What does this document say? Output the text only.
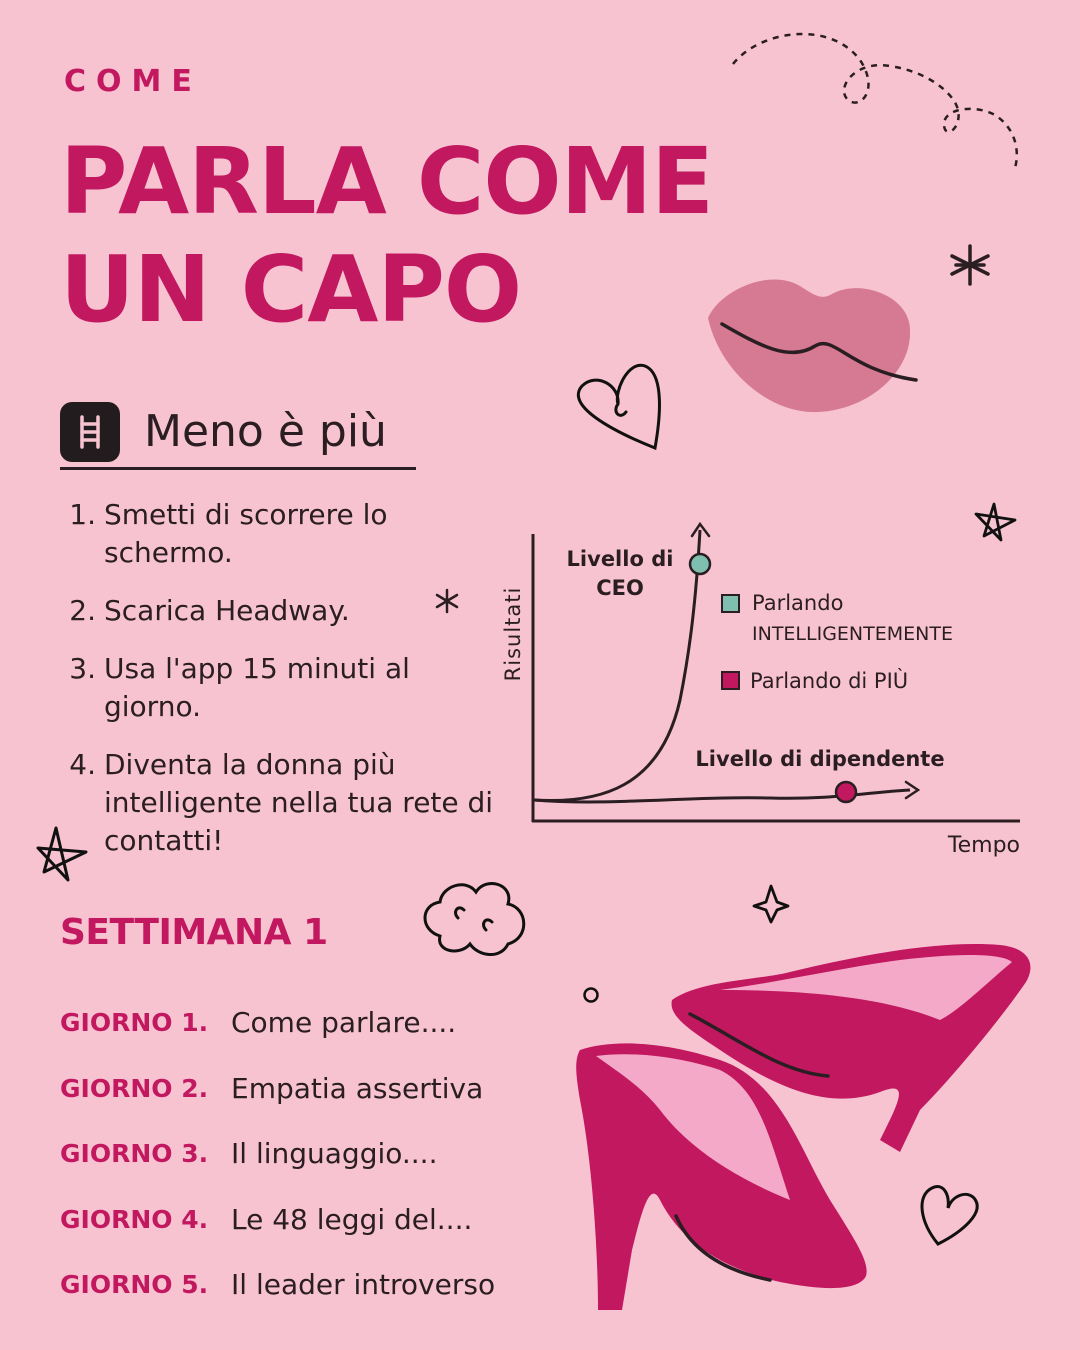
COME
PARLA COME
UN CAPO
Meno è più
1. Smetti di scorrere lo schermo.
2. Scarica Headway.
3. Usa l'app 15 minuti al giorno.
4. Diventa la donna più intelligente nella tua rete di contatti!
Risultati
Tempo
Livello di
CEO
Livello di dipendente
Parlando
INTELLIGENTEMENTE
Parlando di PIÙ
SETTIMANA 1
GIORNO 1. Come parlare....
GIORNO 2. Empatia assertiva
GIORNO 3. Il linguaggio....
GIORNO 4. Le 48 leggi del....
GIORNO 5. Il leader introverso
